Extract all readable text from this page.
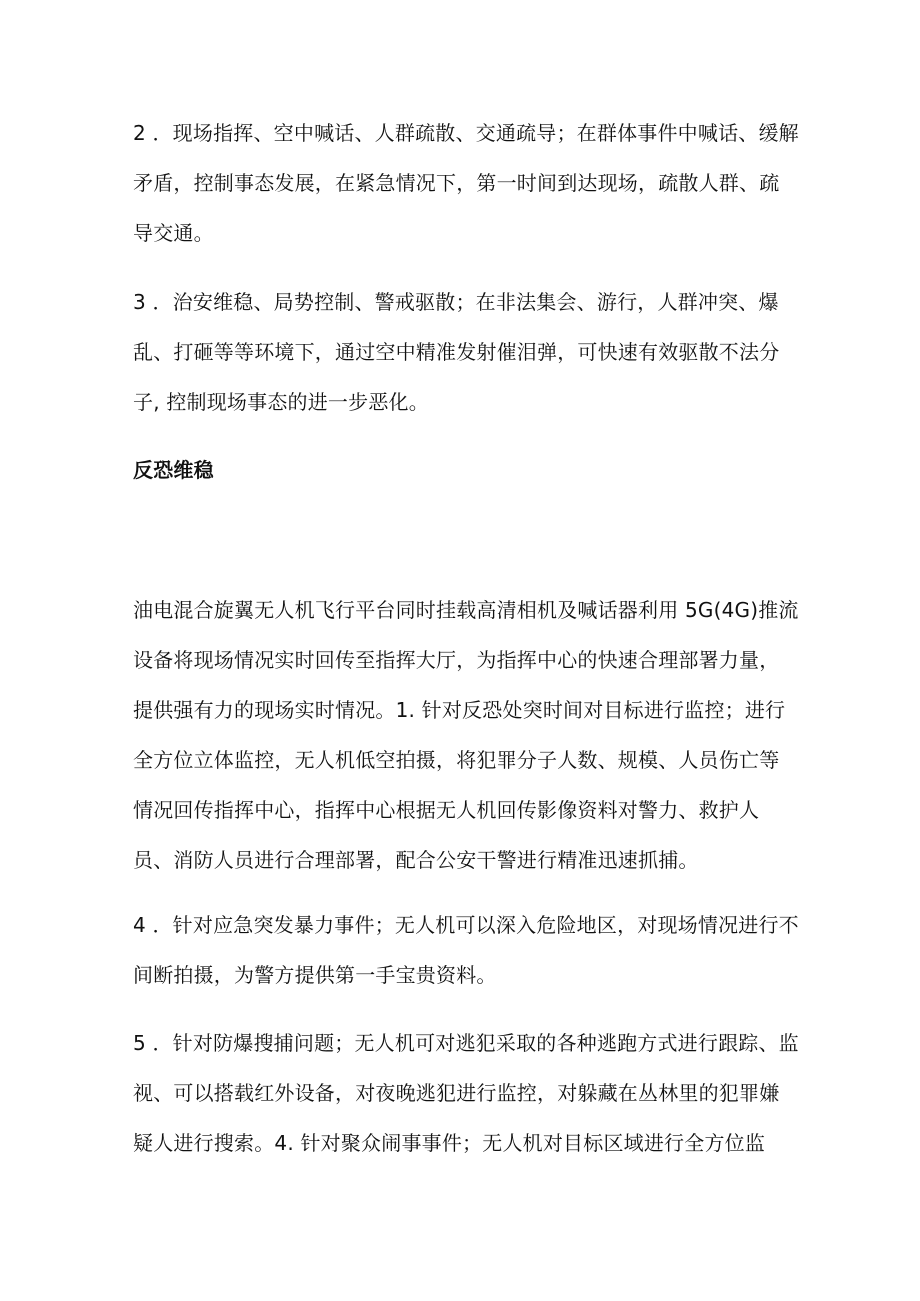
2 ．现场指挥、空中喊话、人群疏散、交通疏导；在群体事件中喊话、缓解
矛盾，控制事态发展，在紧急情况下，第一时间到达现场，疏散人群、疏
导交通。
3 ．治安维稳、局势控制、警戒驱散；在非法集会、游行，人群冲突、爆
乱、打砸等等环境下，通过空中精准发射催泪弹，可快速有效驱散不法分
子, 控制现场事态的进一步恶化。
反恐维稳
油电混合旋翼无人机飞行平台同时挂载高清相机及喊话器利用 5G(4G)推流
设备将现场情况实时回传至指挥大厅，为指挥中心的快速合理部署力量，
提供强有力的现场实时情况。1. 针对反恐处突时间对目标进行监控；进行
全方位立体监控，无人机低空拍摄，将犯罪分子人数、规模、人员伤亡等
情况回传指挥中心，指挥中心根据无人机回传影像资料对警力、救护人
员、消防人员进行合理部署，配合公安干警进行精准迅速抓捕。
4 ．针对应急突发暴力事件；无人机可以深入危险地区，对现场情况进行不
间断拍摄，为警方提供第一手宝贵资料。
5 ．针对防爆搜捕问题；无人机可对逃犯采取的各种逃跑方式进行跟踪、监
视、可以搭载红外设备，对夜晚逃犯进行监控，对躲藏在丛林里的犯罪嫌
疑人进行搜索。4. 针对聚众闹事事件；无人机对目标区域进行全方位监
